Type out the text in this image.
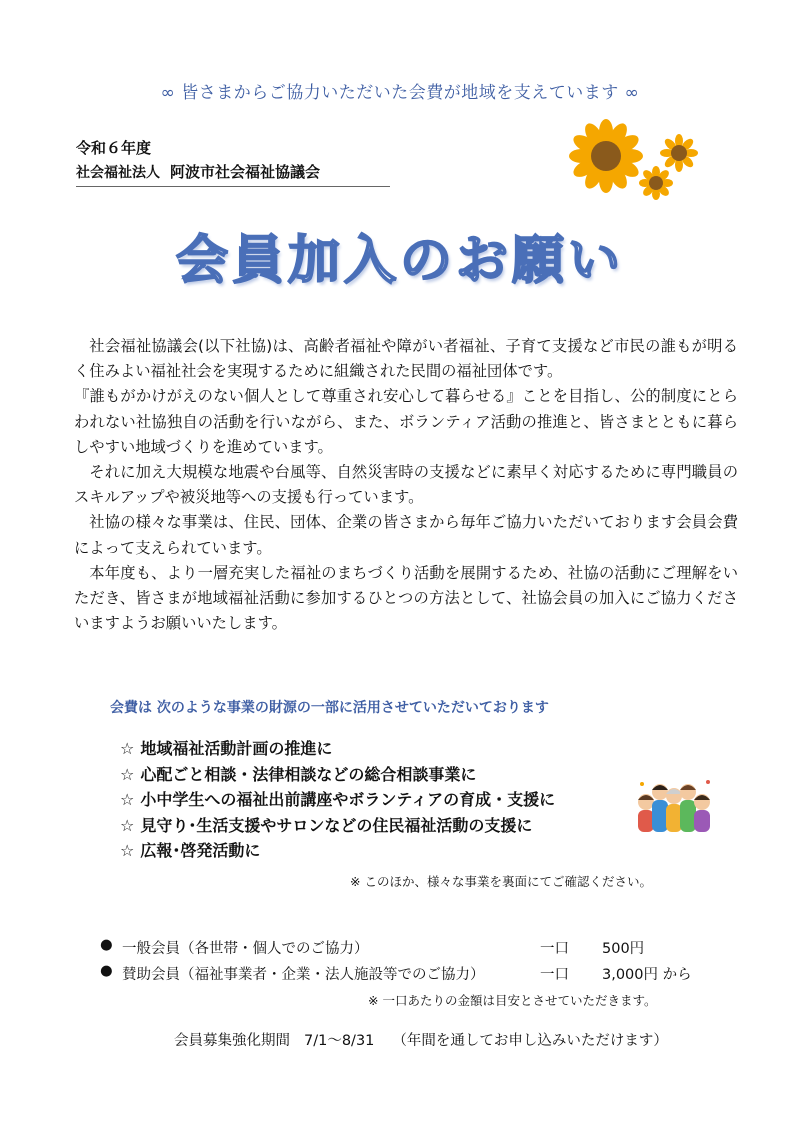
∞ 皆さまからご協力いただいた会費が地域を支えています ∞
令和６年度
社会福祉法人 阿波市社会福祉協議会
会員加入のお願い

社会福祉協議会(以下社協)は、高齢者福祉や障がい者福祉、子育て支援など市民の誰もが明るく住みよい福祉社会を実現するために組織された民間の福祉団体です。

『誰もがかけがえのない個人として尊重され安心して暮らせる』ことを目指し、公的制度にとらわれない社協独自の活動を行いながら、また、ボランティア活動の推進と、皆さまとともに暮らしやすい地域づくりを進めています。

それに加え大規模な地震や台風等、自然災害時の支援などに素早く対応するために専門職員のスキルアップや被災地等への支援も行っています。

社協の様々な事業は、住民、団体、企業の皆さまから毎年ご協力いただいております会員会費によって支えられています。

本年度も、より一層充実した福祉のまちづくり活動を展開するため、社協の活動にご理解をいただき、皆さまが地域福祉活動に参加するひとつの方法として、社協会員の加入にご協力くださいますようお願いいたします。

会費は 次のような事業の財源の一部に活用させていただいております
☆ 地域福祉活動計画の推進に
☆ 心配ごと相談・法律相談などの総合相談事業に
☆ 小中学生への福祉出前講座やボランティアの育成・支援に
☆ 見守り･生活支援やサロンなどの住民福祉活動の支援に
☆ 広報･啓発活動に
※ このほか、様々な事業を裏面にてご確認ください。
● 一般会員（各世帯・個人でのご協力）	一口 500円
● 賛助会員（福祉事業者・企業・法人施設等でのご協力）	一口 3,000円 から
※ 一口あたりの金額は目安とさせていただきます。
会員募集強化期間 7/1～8/31 （年間を通してお申し込みいただけます）
